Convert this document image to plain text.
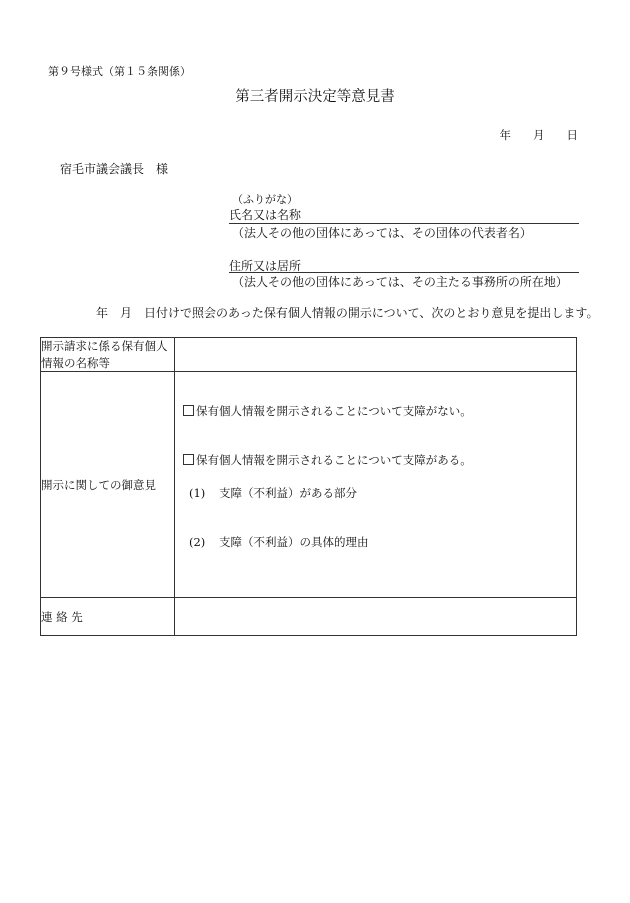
第９号様式（第１５条関係）
第三者開示決定等意見書
年 月 日
宿毛市議会議長　様
（ふりがな）
氏名又は名称
（法人その他の団体にあっては、その団体の代表者名）
住所又は居所
（法人その他の団体にあっては、その主たる事務所の所在地）
年　月　日付けで照会のあった保有個人情報の開示について、次のとおり意見を提出します。
開示請求に係る保有個人情報の名称等	
開示に関しての御意見	保有個人情報を開示されることについて支障がない。
保有個人情報を開示されることについて支障がある。
(1) 支障（不利益）がある部分
(2) 支障（不利益）の具体的理由

連 絡 先	
